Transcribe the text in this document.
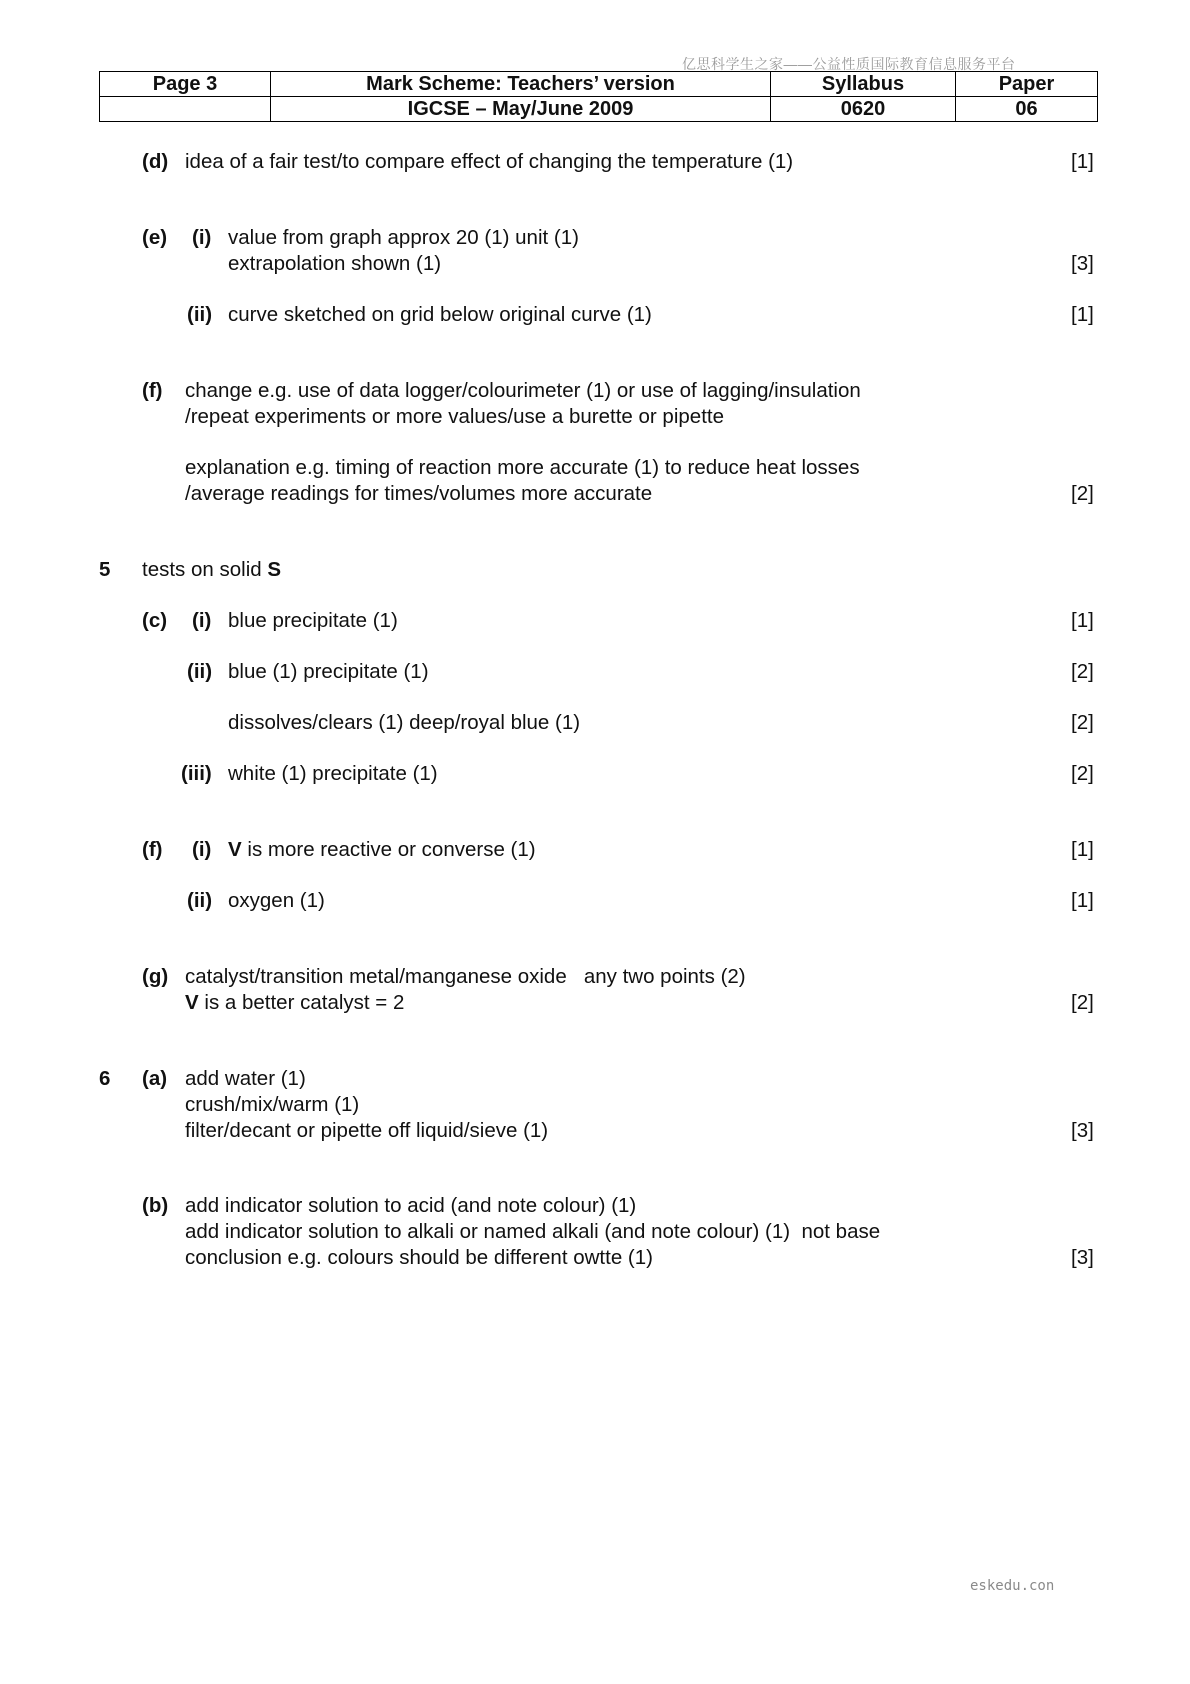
亿思科学生之家——公益性质国际教育信息服务平台
Page 3	Mark Scheme: Teachers’ version	Syllabus	Paper
	IGCSE – May/June 2009	0620	06
(d) idea of a fair test/to compare effect of changing the temperature (1)	[1]
(e) (i) value from graph approx 20 (1) unit (1)
extrapolation shown (1)	[3]
(ii) curve sketched on grid below original curve (1)	[1]
(f) change e.g. use of data logger/colourimeter (1) or use of lagging/insulation
/repeat experiments or more values/use a burette or pipette
explanation e.g. timing of reaction more accurate (1) to reduce heat losses
/average readings for times/volumes more accurate	[2]
5 tests on solid S
(c) (i) blue precipitate (1)	[1]
(ii) blue (1) precipitate (1)	[2]
dissolves/clears (1) deep/royal blue (1)	[2]
(iii) white (1) precipitate (1)	[2]
(f) (i) V is more reactive or converse (1)	[1]
(ii) oxygen (1)	[1]
(g) catalyst/transition metal/manganese oxide   any two points (2)
V is a better catalyst = 2	[2]
6 (a) add water (1)
crush/mix/warm (1)
filter/decant or pipette off liquid/sieve (1)	[3]
(b) add indicator solution to acid (and note colour) (1)
add indicator solution to alkali or named alkali (and note colour) (1)  not base
conclusion e.g. colours should be different owtte (1)	[3]
eskedu.con
